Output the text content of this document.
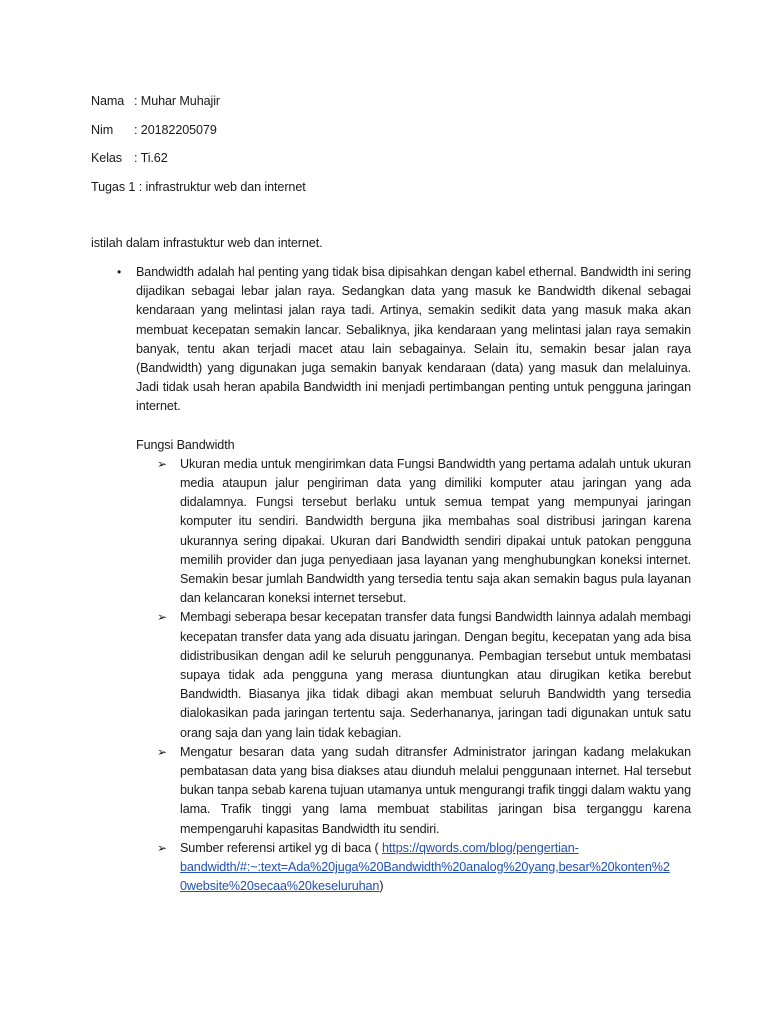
Nama : Muhar Muhajir
Nim	: 20182205079
Kelas : Ti.62
Tugas 1 : infrastruktur web dan internet
istilah dalam infrastuktur web dan internet.
•	Bandwidth adalah hal penting yang tidak bisa dipisahkan dengan kabel ethernal. Bandwidth ini sering dijadikan sebagai lebar jalan raya. Sedangkan data yang masuk ke Bandwidth dikenal sebagai kendaraan yang melintasi jalan raya tadi. Artinya, semakin sedikit data yang masuk maka akan membuat kecepatan semakin lancar. Sebaliknya, jika kendaraan yang melintasi jalan raya semakin banyak, tentu akan terjadi macet atau lain sebagainya. Selain itu, semakin besar jalan raya (Bandwidth) yang digunakan juga semakin banyak kendaraan (data) yang masuk dan melaluinya. Jadi tidak usah heran apabila Bandwidth ini menjadi pertimbangan penting untuk pengguna jaringan internet.

Fungsi Bandwidth
➢	Ukuran media untuk mengirimkan data Fungsi Bandwidth yang pertama adalah untuk ukuran media ataupun jalur pengiriman data yang dimiliki komputer atau jaringan yang ada didalamnya. Fungsi tersebut berlaku untuk semua tempat yang mempunyai jaringan komputer itu sendiri. Bandwidth berguna jika membahas soal distribusi jaringan karena ukurannya sering dipakai. Ukuran dari Bandwidth sendiri dipakai untuk patokan pengguna memilih provider dan juga penyediaan jasa layanan yang menghubungkan koneksi internet. Semakin besar jumlah Bandwidth yang tersedia tentu saja akan semakin bagus pula layanan dan kelancaran koneksi internet tersebut.
➢	Membagi seberapa besar kecepatan transfer data fungsi Bandwidth lainnya adalah membagi kecepatan transfer data yang ada disuatu jaringan. Dengan begitu, kecepatan yang ada bisa didistribusikan dengan adil ke seluruh penggunanya. Pembagian tersebut untuk membatasi supaya tidak ada pengguna yang merasa diuntungkan atau dirugikan ketika berebut Bandwidth. Biasanya jika tidak dibagi akan membuat seluruh Bandwidth yang tersedia dialokasikan pada jaringan tertentu saja. Sederhananya, jaringan tadi digunakan untuk satu orang saja dan yang lain tidak kebagian.
➢	Mengatur besaran data yang sudah ditransfer Administrator jaringan kadang melakukan pembatasan data yang bisa diakses atau diunduh melalui penggunaan internet. Hal tersebut bukan tanpa sebab karena tujuan utamanya untuk mengurangi trafik tinggi dalam waktu yang lama. Trafik tinggi yang lama membuat stabilitas jaringan bisa terganggu karena mempengaruhi kapasitas Bandwidth itu sendiri.
➢	Sumber referensi artikel yg di baca ( https://qwords.com/blog/pengertian-
bandwidth/#:~:text=Ada%20juga%20Bandwidth%20analog%20yang,besar%20konten%2
0website%20secaa%20keseluruhan)
